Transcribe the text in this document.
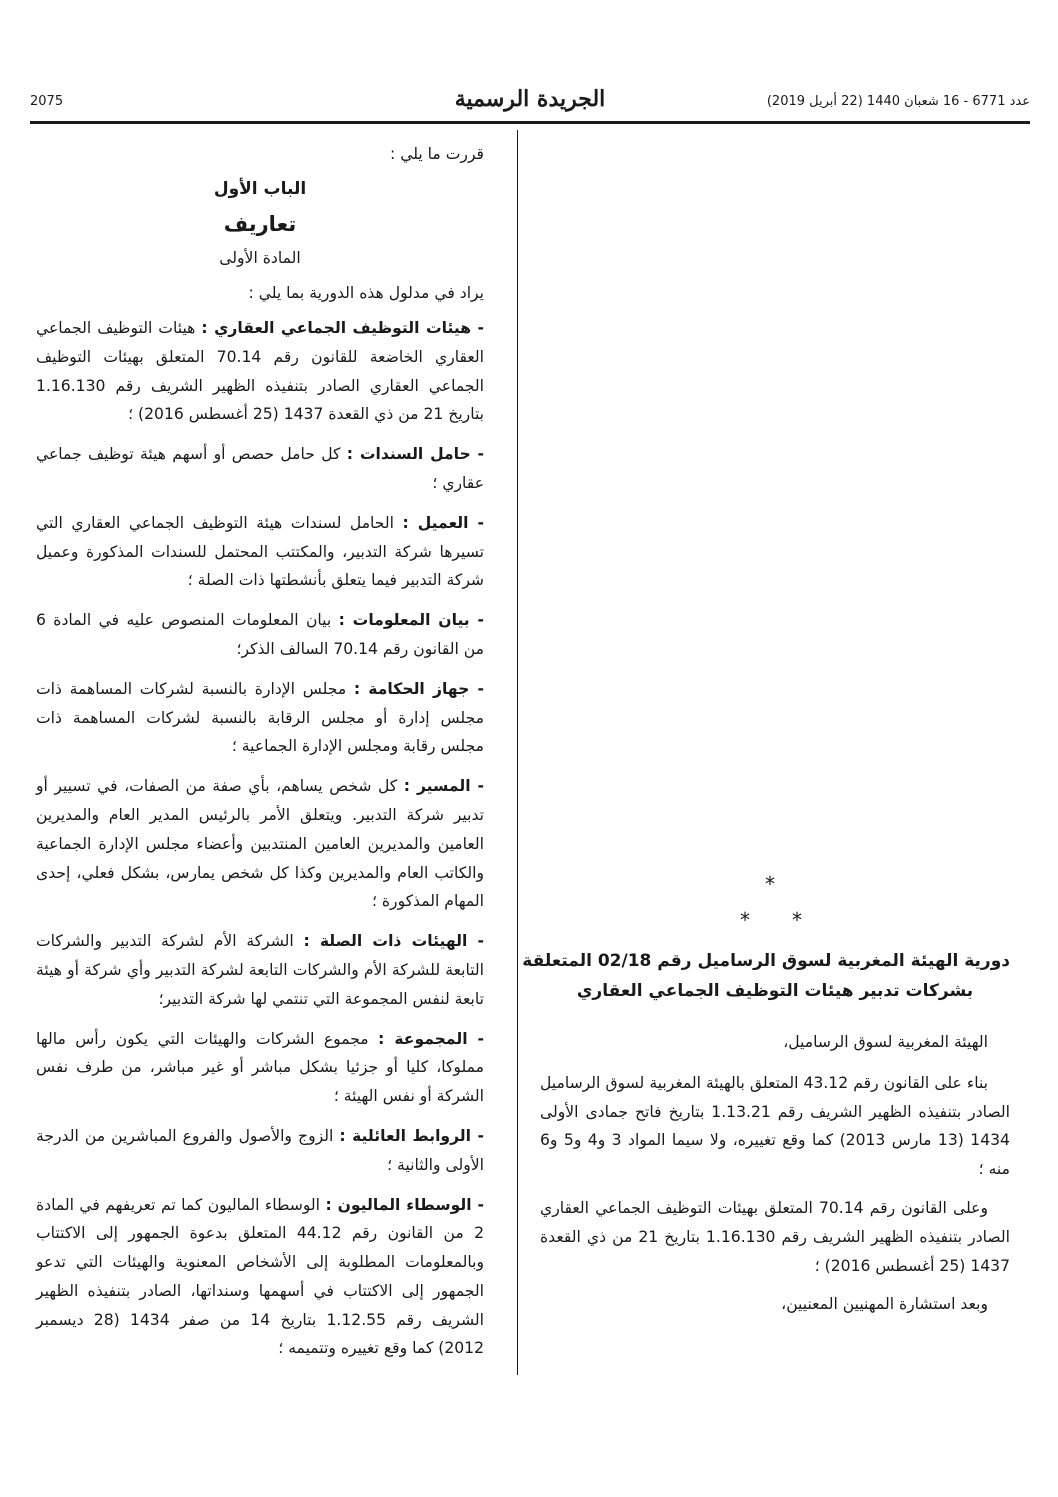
عدد 6771 - 16 شعبان 1440 (22 أبريل 2019)
الجريدة الرسمية
2075
قررت ما يلي :
الباب الأول
تعاريف
المادة الأولى
يراد في مدلول هذه الدورية بما يلي :
- هيئات التوظيف الجماعي العقاري : هيئات التوظيف الجماعي العقاري الخاضعة للقانون رقم 70.14 المتعلق بهيئات التوظيف الجماعي العقاري الصادر بتنفيذه الظهير الشريف رقم 1.16.130 بتاريخ 21 من ذي القعدة 1437 (25 أغسطس 2016) ؛
- حامل السندات : كل حامل حصص أو أسهم هيئة توظيف جماعي عقاري ؛
- العميل : الحامل لسندات هيئة التوظيف الجماعي العقاري التي تسيرها شركة التدبير، والمكتتب المحتمل للسندات المذكورة وعميل شركة التدبير فيما يتعلق بأنشطتها ذات الصلة ؛
- بيان المعلومات : بيان المعلومات المنصوص عليه في المادة 6 من القانون رقم 70.14 السالف الذكر؛
- جهاز الحكامة : مجلس الإدارة بالنسبة لشركات المساهمة ذات مجلس إدارة أو مجلس الرقابة بالنسبة لشركات المساهمة ذات مجلس رقابة ومجلس الإدارة الجماعية ؛
- المسير : كل شخص يساهم، بأي صفة من الصفات، في تسيير أو تدبير شركة التدبير. ويتعلق الأمر بالرئيس المدير العام والمديرين العامين والمديرين العامين المنتدبين وأعضاء مجلس الإدارة الجماعية والكاتب العام والمديرين وكذا كل شخص يمارس، بشكل فعلي، إحدى المهام المذكورة ؛
- الهيئات ذات الصلة : الشركة الأم لشركة التدبير والشركات التابعة للشركة الأم والشركات التابعة لشركة التدبير وأي شركة أو هيئة تابعة لنفس المجموعة التي تنتمي لها شركة التدبير؛
- المجموعة : مجموع الشركات والهيئات التي يكون رأس مالها مملوكا، كليا أو جزئيا بشكل مباشر أو غير مباشر، من طرف نفس الشركة أو نفس الهيئة ؛
- الروابط العائلية : الزوج والأصول والفروع المباشرين من الدرجة الأولى والثانية ؛
- الوسطاء الماليون : الوسطاء الماليون كما تم تعريفهم في المادة 2 من القانون رقم 44.12 المتعلق بدعوة الجمهور إلى الاكتتاب وبالمعلومات المطلوبة إلى الأشخاص المعنوية والهيئات التي تدعو الجمهور إلى الاكتتاب في أسهمها وسنداتها، الصادر بتنفيذه الظهير الشريف رقم 1.12.55 بتاريخ 14 من صفر 1434 (28 ديسمبر 2012) كما وقع تغييره وتتميمه ؛
*
* *
دورية الهيئة المغربية لسوق الرساميل رقم 02/18 المتعلقة
بشركات تدبير هيئات التوظيف الجماعي العقاري
الهيئة المغربية لسوق الرساميل،
بناء على القانون رقم 43.12 المتعلق بالهيئة المغربية لسوق الرساميل الصادر بتنفيذه الظهير الشريف رقم 1.13.21 بتاريخ فاتح جمادى الأولى 1434 (13 مارس 2013) كما وقع تغييره، ولا سيما المواد 3 و4 و5 و6 منه ؛
وعلى القانون رقم 70.14 المتعلق بهيئات التوظيف الجماعي العقاري الصادر بتنفيذه الظهير الشريف رقم 1.16.130 بتاريخ 21 من ذي القعدة 1437 (25 أغسطس 2016) ؛
وبعد استشارة المهنيين المعنيين،
